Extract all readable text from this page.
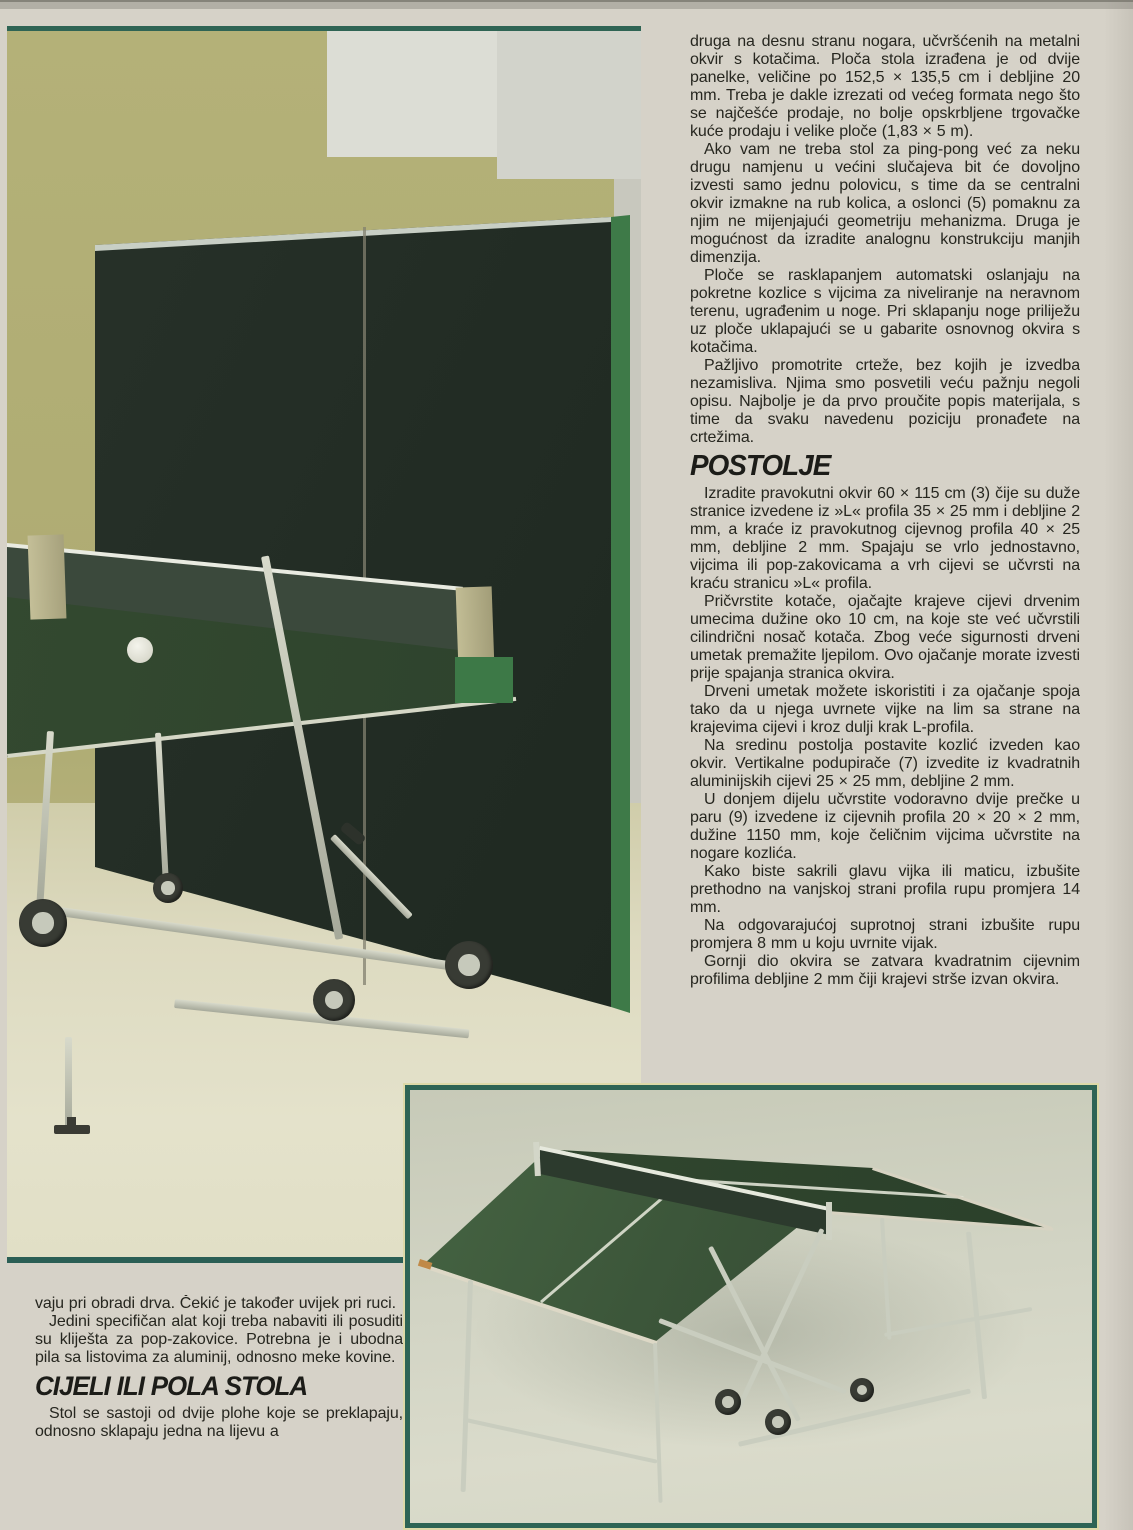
druga na desnu stranu nogara, učvršćenih na metalni okvir s kotačima. Ploča stola izrađena je od dvije panelke, veličine po 152,5 × 135,5 cm i debljine 20 mm. Treba je dakle izrezati od većeg formata nego što se najčešće prodaje, no bolje opskrbljene trgovačke kuće prodaju i velike ploče (1,83 × 5 m).

Ako vam ne treba stol za ping-pong već za neku drugu namjenu u većini slučajeva bit će dovoljno izvesti samo jednu polovicu, s time da se centralni okvir izmakne na rub kolica, a oslonci (5) pomaknu za njim ne mijenjajući geometriju mehanizma. Druga je mogućnost da izradite analognu konstrukciju manjih dimenzija.

Ploče se rasklapanjem automatski oslanjaju na pokretne kozlice s vijcima za niveliranje na neravnom terenu, ugrađenim u noge. Pri sklapanju noge priliježu uz ploče uklapajući se u gabarite osnovnog okvira s kotačima.

Pažljivo promotrite crteže, bez kojih je izvedba nezamisliva. Njima smo posvetili veću pažnju negoli opisu. Najbolje je da prvo proučite popis materijala, s time da svaku navedenu poziciju pronađete na crtežima.

POSTOLJE

Izradite pravokutni okvir 60 × 115 cm (3) čije su duže stranice izvedene iz »L« profila 35 × 25 mm i debljine 2 mm, a kraće iz pravokutnog cijevnog profila 40 × 25 mm, debljine 2 mm. Spajaju se vrlo jednostavno, vijcima ili pop-zakovicama a vrh cijevi se učvrsti na kraću stranicu »L« profila.

Pričvrstite kotače, ojačajte krajeve cijevi drvenim umecima dužine oko 10 cm, na koje ste već učvrstili cilindrični nosač kotača. Zbog veće sigurnosti drveni umetak premažite ljepilom. Ovo ojačanje morate izvesti prije spajanja stranica okvira.

Drveni umetak možete iskoristiti i za ojačanje spoja tako da u njega uvrnete vijke na lim sa strane na krajevima cijevi i kroz dulji krak L-profila.

Na sredinu postolja postavite kozlić izveden kao okvir. Vertikalne podupirače (7) izvedite iz kvadratnih aluminijskih cijevi 25 × 25 mm, debljine 2 mm.

U donjem dijelu učvrstite vodoravno dvije prečke u paru (9) izvedene iz cijevnih profila 20 × 20 × 2 mm, dužine 1150 mm, koje čeličnim vijcima učvrstite na nogare kozlića.

Kako biste sakrili glavu vijka ili maticu, izbušite prethodno na vanjskoj strani profila rupu promjera 14 mm.

Na odgovarajućoj suprotnoj strani izbušite rupu promjera 8 mm u koju uvrnite vijak.

Gornji dio okvira se zatvara kvadratnim cijevnim profilima debljine 2 mm čiji krajevi strše izvan okvira.

vaju pri obradi drva. Čekić je također uvijek pri ruci.

Jedini specifičan alat koji treba nabaviti ili posuditi su kliješta za pop-zakovice. Potrebna je i ubodna pila sa listovima za aluminij, odnosno meke kovine.

CIJELI ILI POLA STOLA

Stol se sastoji od dvije plohe koje se preklapaju, odnosno sklapaju jedna na lijevu a
